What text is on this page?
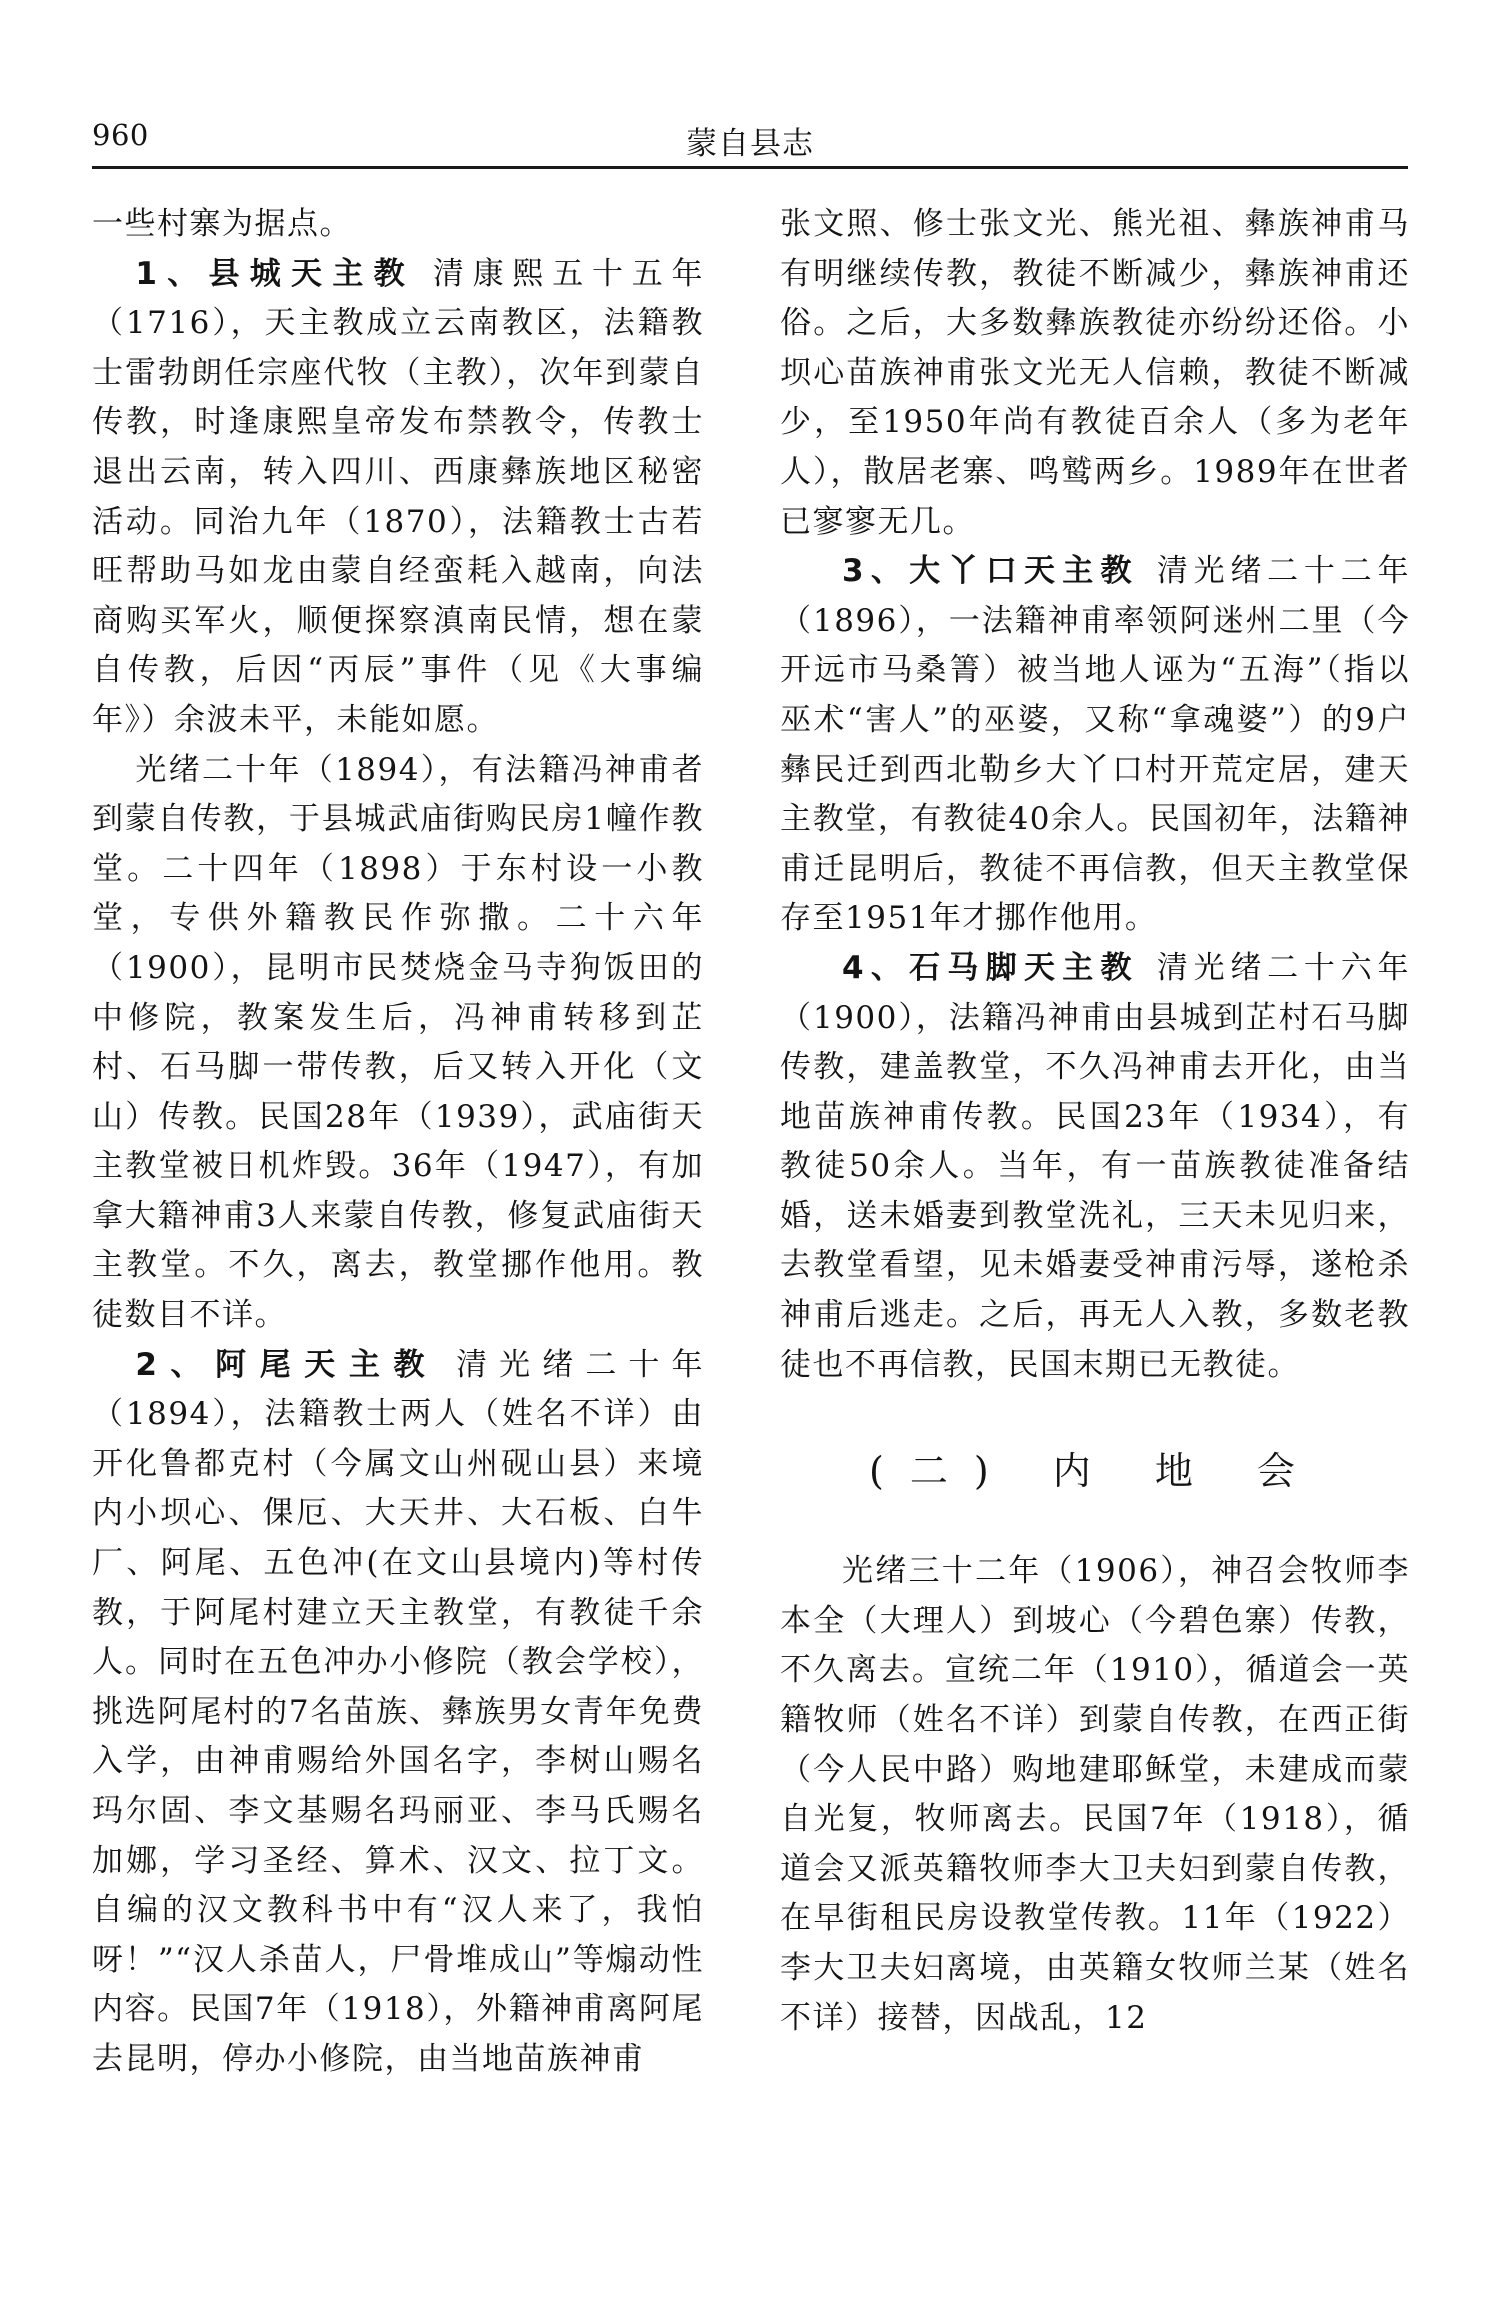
960	蒙自县志

一些村寨为据点。

1、县城天主教 清康熙五十五年（1716），天主教成立云南教区，法籍教士雷勃朗任宗座代牧（主教），次年到蒙自传教，时逢康熙皇帝发布禁教令，传教士退出云南，转入四川、西康彝族地区秘密活动。同治九年（1870），法籍教士古若旺帮助马如龙由蒙自经蛮耗入越南，向法商购买军火，顺便探察滇南民情，想在蒙自传教，后因“丙辰”事件（见《大事编年》）余波未平，未能如愿。

光绪二十年（1894），有法籍冯神甫者到蒙自传教，于县城武庙街购民房1幢作教堂。二十四年（1898）于东村设一小教堂，专供外籍教民作弥撒。二十六年（1900），昆明市民焚烧金马寺狗饭田的中修院，教案发生后，冯神甫转移到芷村、石马脚一带传教，后又转入开化（文山）传教。民国28年（1939），武庙街天主教堂被日机炸毁。36年（1947），有加拿大籍神甫3人来蒙自传教，修复武庙街天主教堂。不久，离去，教堂挪作他用。教徒数目不详。

2、阿尾天主教 清光绪二十年（1894），法籍教士两人（姓名不详）由开化鲁都克村（今属文山州砚山县）来境内小坝心、倮厄、大天井、大石板、白牛厂、阿尾、五色冲(在文山县境内)等村传教，于阿尾村建立天主教堂，有教徒千余人。同时在五色冲办小修院（教会学校），挑选阿尾村的7名苗族、彝族男女青年免费入学，由神甫赐给外国名字，李树山赐名玛尔固、李文基赐名玛丽亚、李马氏赐名加娜，学习圣经、算术、汉文、拉丁文。自编的汉文教科书中有“汉人来了，我怕呀！”“汉人杀苗人，尸骨堆成山”等煽动性内容。民国7年（1918），外籍神甫离阿尾去昆明，停办小修院，由当地苗族神甫

张文照、修士张文光、熊光祖、彝族神甫马有明继续传教，教徒不断减少，彝族神甫还俗。之后，大多数彝族教徒亦纷纷还俗。小坝心苗族神甫张文光无人信赖，教徒不断减少，至1950年尚有教徒百余人（多为老年人），散居老寨、鸣鹫两乡。1989年在世者已寥寥无几。

3、大丫口天主教 清光绪二十二年（1896），一法籍神甫率领阿迷州二里（今开远市马桑箐）被当地人诬为“五海”（指以巫术“害人”的巫婆，又称“拿魂婆”）的9户彝民迁到西北勒乡大丫口村开荒定居，建天主教堂，有教徒40余人。民国初年，法籍神甫迁昆明后，教徒不再信教，但天主教堂保存至1951年才挪作他用。

4、石马脚天主教 清光绪二十六年（1900），法籍冯神甫由县城到芷村石马脚传教，建盖教堂，不久冯神甫去开化，由当地苗族神甫传教。民国23年（1934），有教徒50余人。当年，有一苗族教徒准备结婚，送未婚妻到教堂洗礼，三天未见归来，去教堂看望，见未婚妻受神甫污辱，遂枪杀神甫后逃走。之后，再无人入教，多数老教徒也不再信教，民国末期已无教徒。

(二) 内 地 会

光绪三十二年（1906），神召会牧师李本全（大理人）到坡心（今碧色寨）传教，不久离去。宣统二年（1910），循道会一英籍牧师（姓名不详）到蒙自传教，在西正街（今人民中路）购地建耶稣堂，未建成而蒙自光复，牧师离去。民国7年（1918），循道会又派英籍牧师李大卫夫妇到蒙自传教，在早街租民房设教堂传教。11年（1922）李大卫夫妇离境，由英籍女牧师兰某（姓名不详）接替，因战乱，12
